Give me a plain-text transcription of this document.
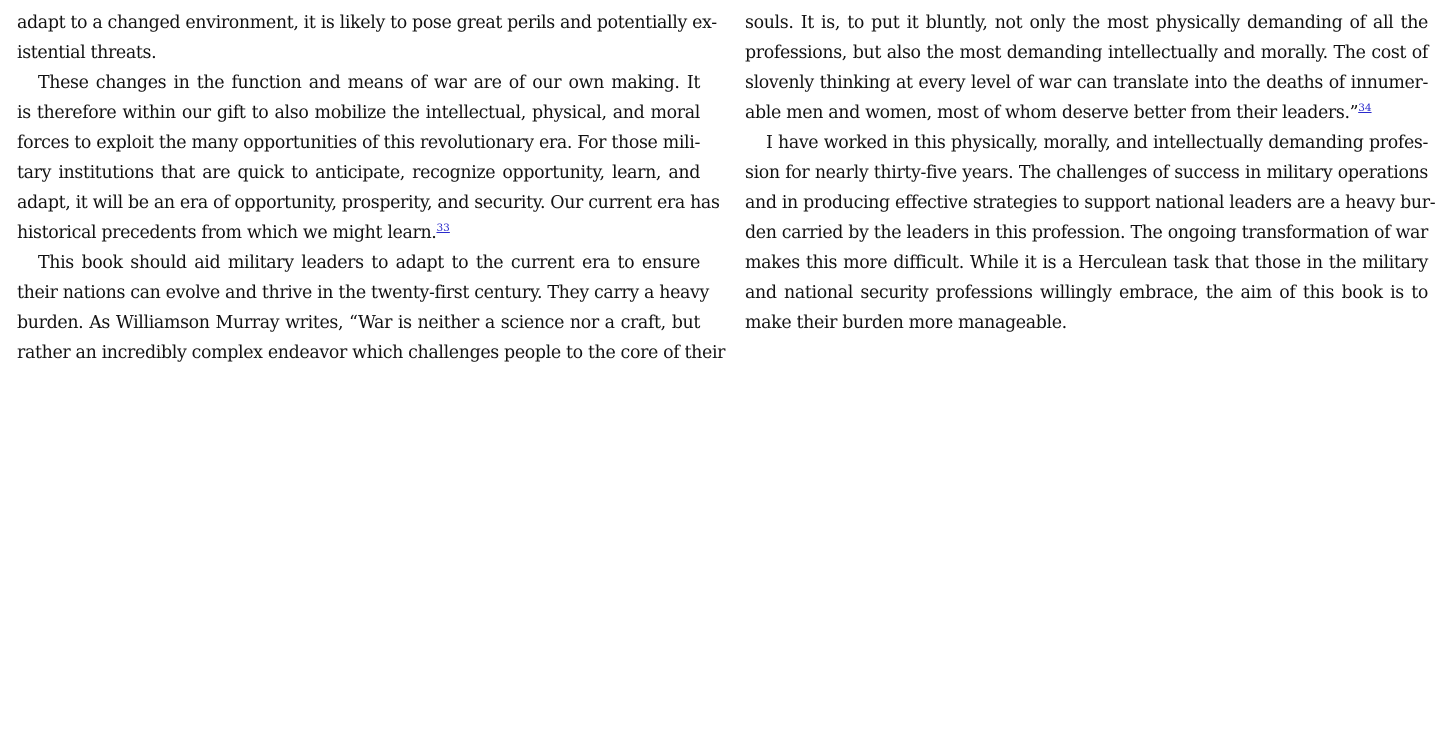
adapt to a changed environment, it is likely to pose great perils and potentially ex-
istential threats.
These changes in the function and means of war are of our own making. It
is therefore within our gift to also mobilize the intellectual, physical, and moral
forces to exploit the many opportunities of this revolutionary era. For those mili-
tary institutions that are quick to anticipate, recognize opportunity, learn, and
adapt, it will be an era of opportunity, prosperity, and security. Our current era has
historical precedents from which we might learn.$^{33}$
This book should aid military leaders to adapt to the current era to ensure
their nations can evolve and thrive in the twenty-first century. They carry a heavy
burden. As Williamson Murray writes, “War is neither a science nor a craft, but
rather an incredibly complex endeavor which challenges people to the core of their
souls. It is, to put it bluntly, not only the most physically demanding of all the
professions, but also the most demanding intellectually and morally. The cost of
slovenly thinking at every level of war can translate into the deaths of innumer-
able men and women, most of whom deserve better from their leaders.”$^{34}$
I have worked in this physically, morally, and intellectually demanding profes-
sion for nearly thirty-five years. The challenges of success in military operations
and in producing effective strategies to support national leaders are a heavy bur-
den carried by the leaders in this profession. The ongoing transformation of war
makes this more difficult. While it is a Herculean task that those in the military
and national security professions willingly embrace, the aim of this book is to
make their burden more manageable.
